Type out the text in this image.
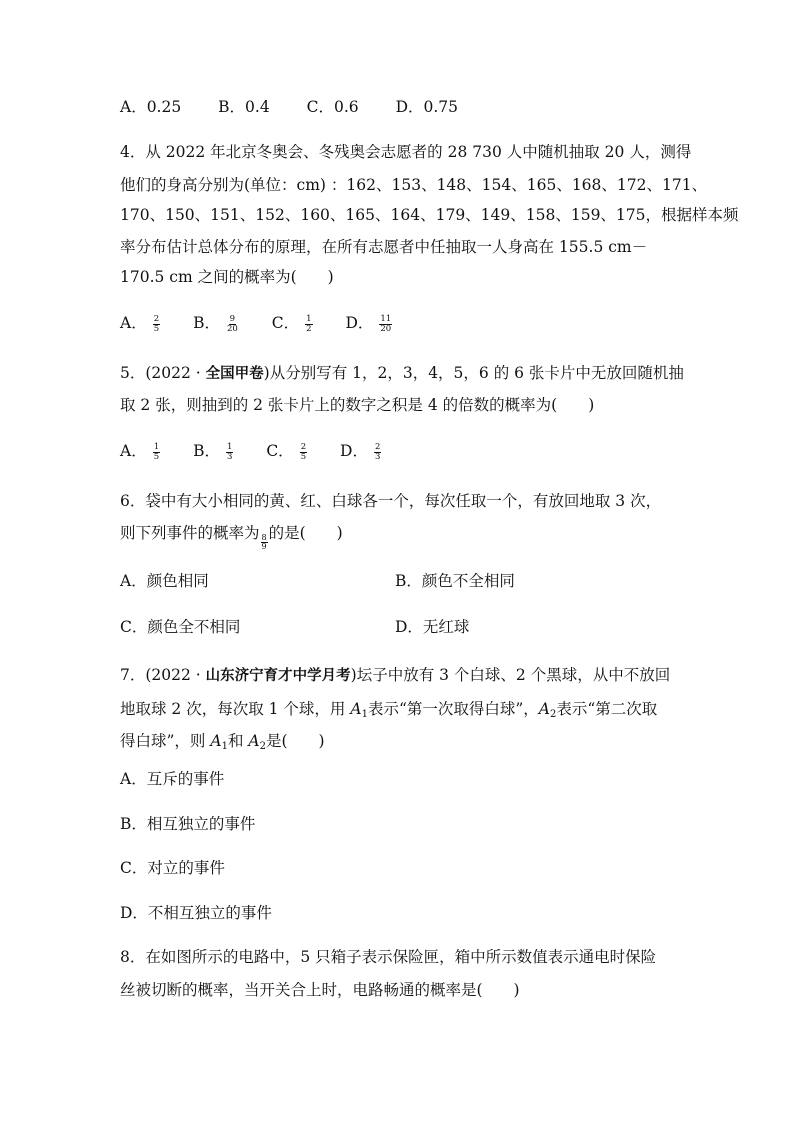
A．0.25 B．0.4 C．0.6 D．0.75
4．从 2022 年北京冬奥会、冬残奥会志愿者的 28 730 人中随机抽取 20 人，测得
他们的身高分别为(单位：cm) ：162、153、148、154、165、168、172、171、
170、150、151、152、160、165、164、179、149、158、159、175，根据样本频
率分布估计总体分布的原理，在所有志愿者中任抽取一人身高在 155.5 cm－
170.5 cm 之间的概率为(　　)
A． $\frac{2}{5}$ B． $\frac{9}{20}$ C． $\frac{1}{2}$ D． $\frac{11}{20}$
5．(2022 · 全国甲卷)从分别写有 1，2，3，4，5，6 的 6 张卡片中无放回随机抽
取 2 张，则抽到的 2 张卡片上的数字之积是 4 的倍数的概率为(　　)
A． $\frac{1}{5}$ B． $\frac{1}{3}$ C． $\frac{2}{5}$ D． $\frac{2}{3}$
6．袋中有大小相同的黄、红、白球各一个，每次任取一个，有放回地取 3 次，
则下列事件的概率为
$\frac{8}{9}$
的是(　　)
A．颜色相同	B．颜色不全相同
C．颜色全不相同	D．无红球
7．(2022 · 山东济宁育才中学月考)坛子中放有 3 个白球、2 个黑球，从中不放回
地取球 2 次，每次取 1 个球，用 $A_1$表示“第一次取得白球”，$A_2$表示“第二次取
得白球”，则 $A_1$和 $A_2$是(　　)
A．互斥的事件
B．相互独立的事件
C．对立的事件
D．不相互独立的事件
8．在如图所示的电路中，5 只箱子表示保险匣，箱中所示数值表示通电时保险
丝被切断的概率，当开关合上时，电路畅通的概率是(　　)
